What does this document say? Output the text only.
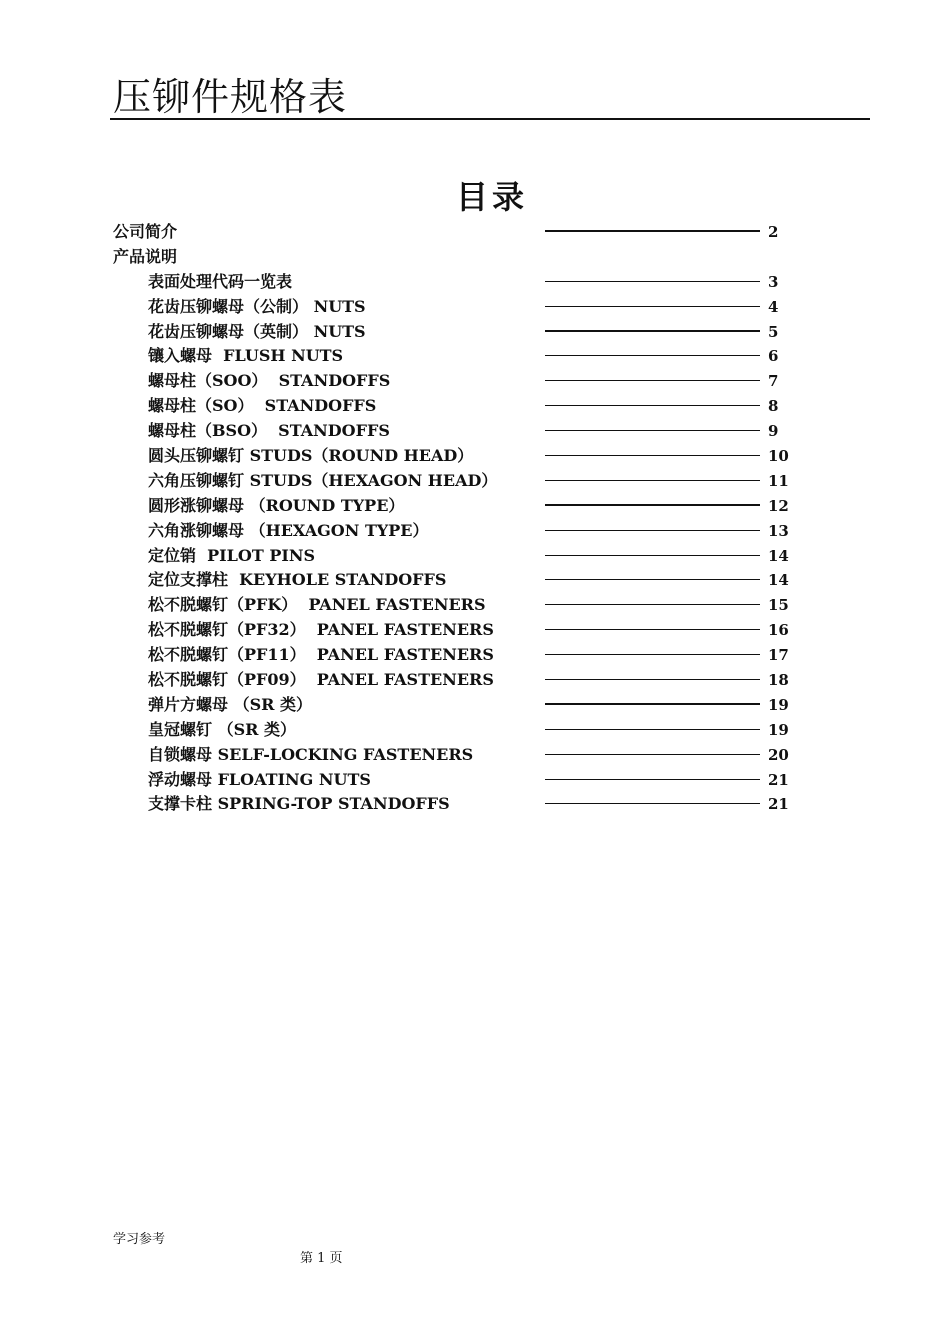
压铆件规格表
目录
公司简介	2
产品说明
表面处理代码一览表	3
花齿压铆螺母（公制） NUTS	4
花齿压铆螺母（英制） NUTS	5
镶入螺母  FLUSH NUTS	6
螺母柱（SOO）  STANDOFFS	7
螺母柱（SO）  STANDOFFS	8
螺母柱（BSO）  STANDOFFS	9
圆头压铆螺钉 STUDS（ROUND HEAD）	10
六角压铆螺钉 STUDS（HEXAGON HEAD）	11
圆形涨铆螺母 （ROUND TYPE）	12
六角涨铆螺母 （HEXAGON TYPE）	13
定位销  PILOT PINS	14
定位支撑柱  KEYHOLE STANDOFFS	14
松不脱螺钉（PFK）  PANEL FASTENERS	15
松不脱螺钉（PF32）  PANEL FASTENERS	16
松不脱螺钉（PF11）  PANEL FASTENERS	17
松不脱螺钉（PF09）  PANEL FASTENERS	18
弹片方螺母 （SR 类）	19
皇冠螺钉 （SR 类）	19
自锁螺母 SELF-LOCKING FASTENERS	20
浮动螺母 FLOATING NUTS	21
支撑卡柱 SPRING-TOP STANDOFFS	21
学习参考
第 1 页
